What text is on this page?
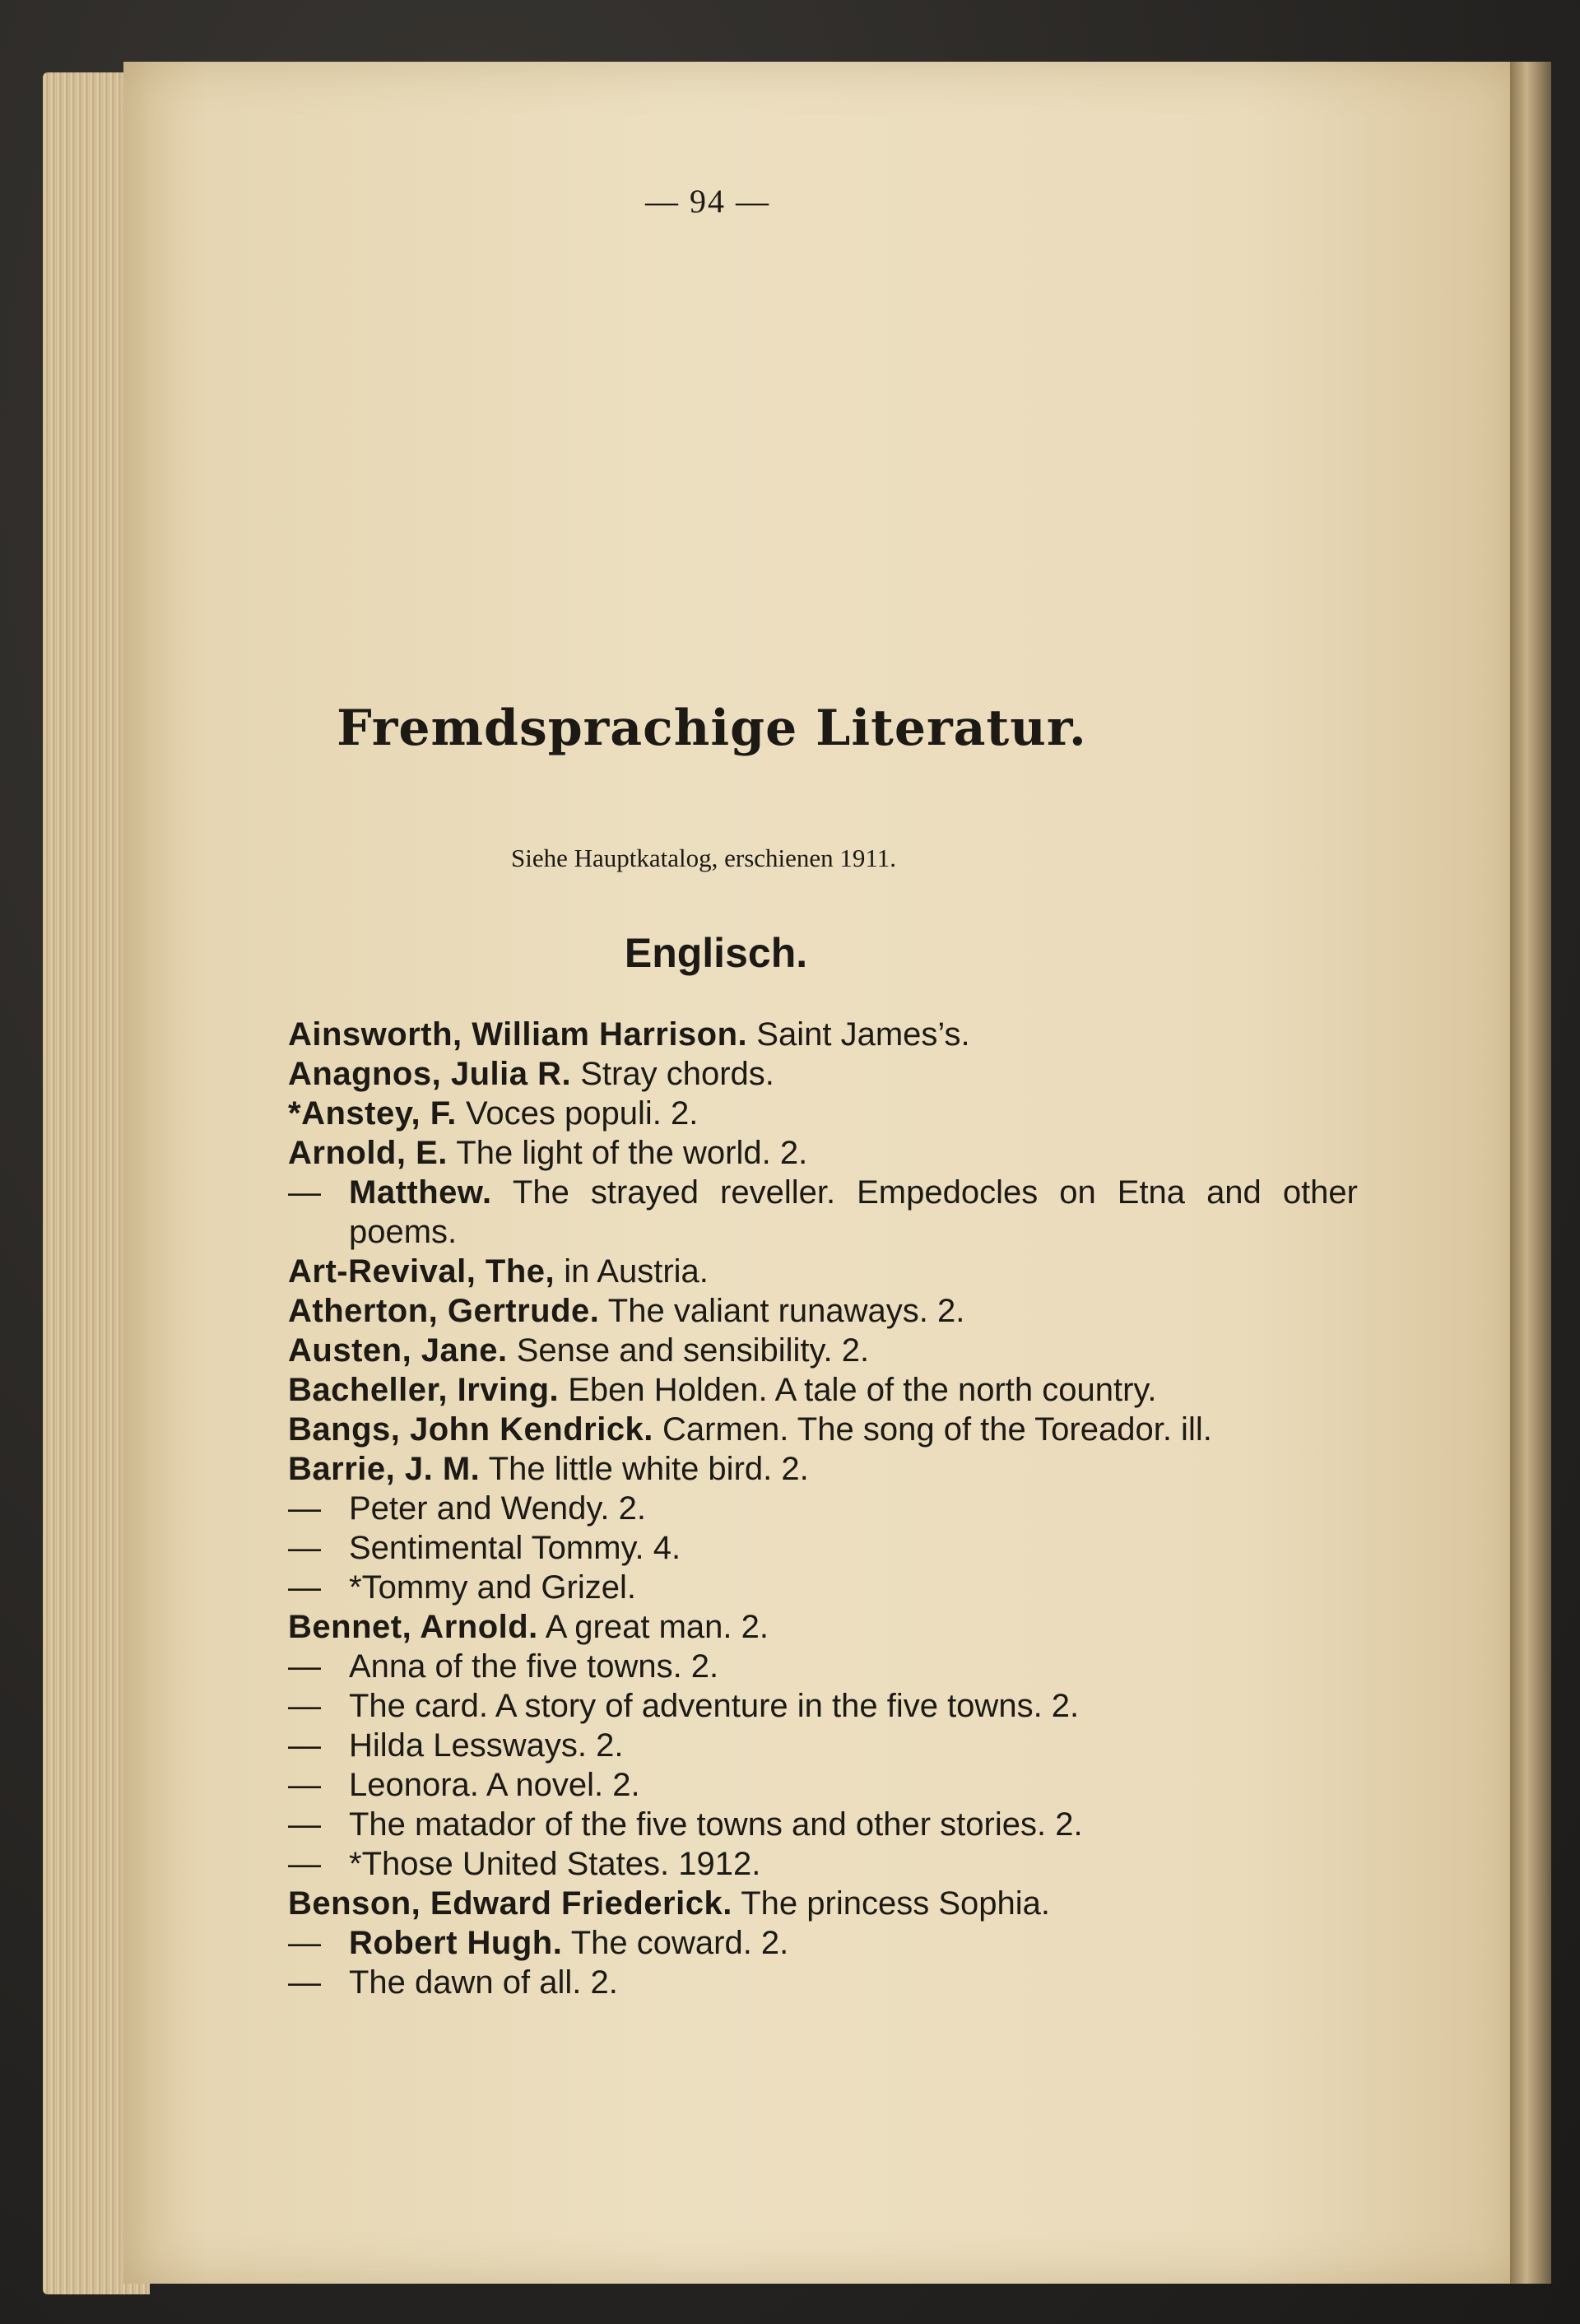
— 94 —
Fremdsprachige Literatur.
Siehe Hauptkatalog, erschienen 1911.
Englisch.
Ainsworth, William Harrison. Saint James’s.
Anagnos, Julia R. Stray chords.
*Anstey, F. Voces populi. 2.
Arnold, E. The light of the world. 2.
— Matthew. The strayed reveller. Empedocles on Etna and other poems.
Art-Revival, The, in Austria.
Atherton, Gertrude. The valiant runaways. 2.
Austen, Jane. Sense and sensibility. 2.
Bacheller, Irving. Eben Holden. A tale of the north country.
Bangs, John Kendrick. Carmen. The song of the Toreador. ill.
Barrie, J. M. The little white bird. 2.
— Peter and Wendy. 2.
— Sentimental Tommy. 4.
— *Tommy and Grizel.
Bennet, Arnold. A great man. 2.
— Anna of the five towns. 2.
— The card. A story of adventure in the five towns. 2.
— Hilda Lessways. 2.
— Leonora. A novel. 2.
— The matador of the five towns and other stories. 2.
— *Those United States. 1912.
Benson, Edward Friederick. The princess Sophia.
— Robert Hugh. The coward. 2.
— The dawn of all. 2.
